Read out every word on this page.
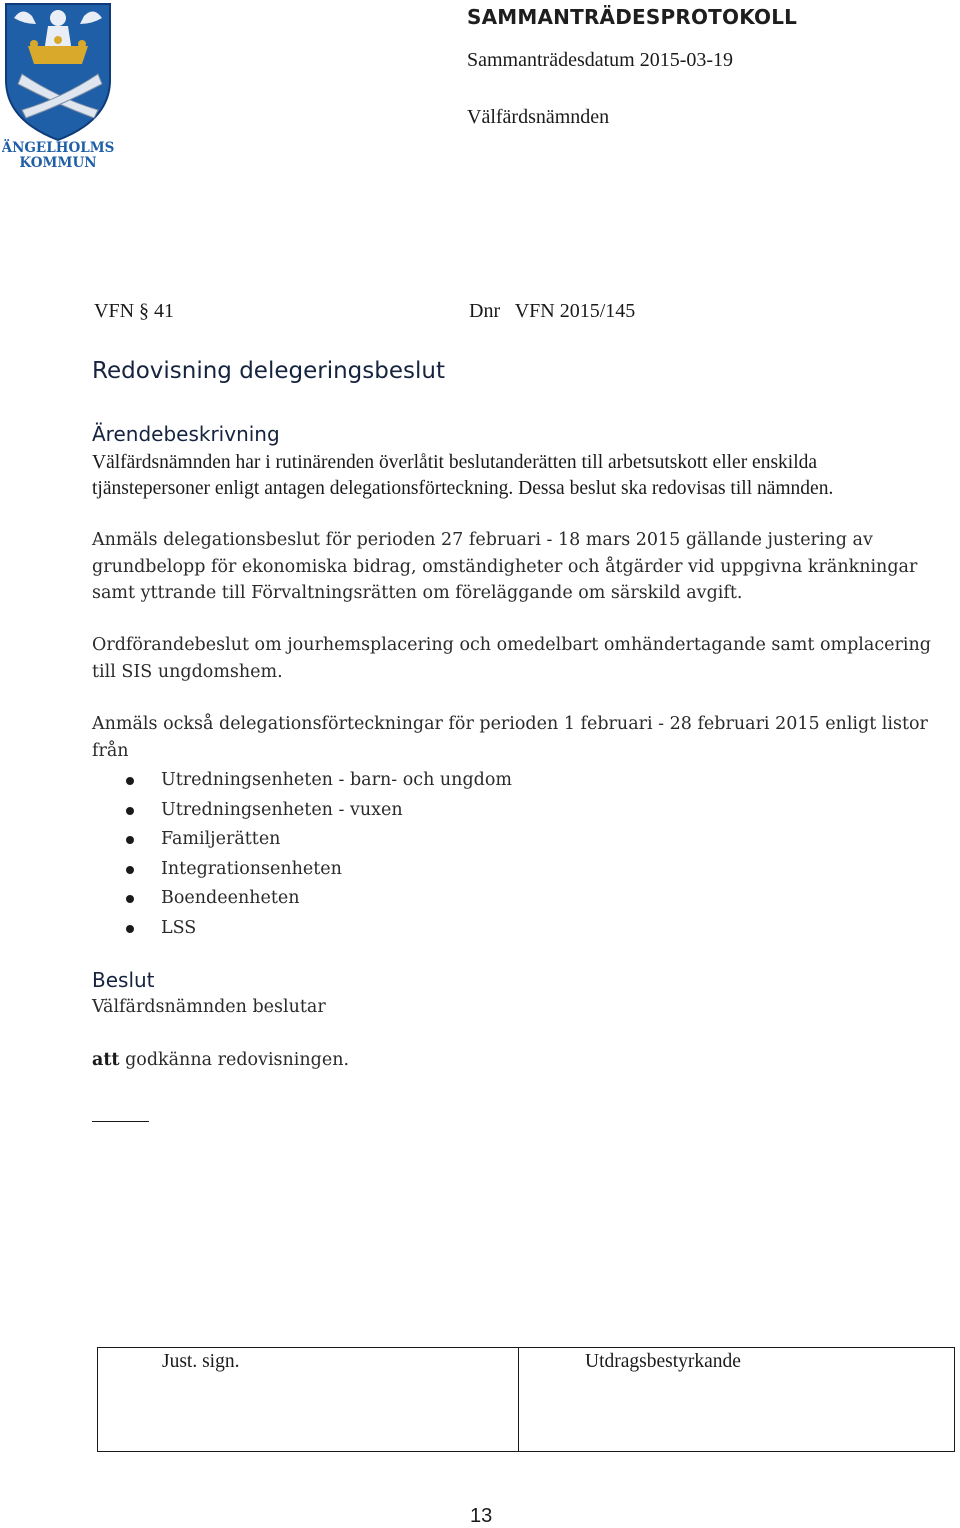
ÄNGELHOLMS
KOMMUN
SAMMANTRÄDESPROTOKOLL
Sammanträdesdatum 2015-03-19
Välfärdsnämnden
VFN § 41	Dnr   VFN 2015/145
Redovisning delegeringsbeslut
Ärendebeskrivning
Välfärdsnämnden har i rutinärenden överlåtit beslutanderätten till arbetsutskott eller enskilda
tjänstepersoner enligt antagen delegationsförteckning. Dessa beslut ska redovisas till nämnden.
Anmäls delegationsbeslut för perioden 27 februari - 18 mars 2015 gällande justering av
grundbelopp för ekonomiska bidrag, omständigheter och åtgärder vid uppgivna kränkningar
samt yttrande till Förvaltningsrätten om föreläggande om särskild avgift.
Ordförandebeslut om jourhemsplacering och omedelbart omhändertagande samt omplacering
till SIS ungdomshem.
Anmäls också delegationsförteckningar för perioden 1 februari - 28 februari 2015 enligt listor
från
Utredningsenheten - barn- och ungdom
Utredningsenheten - vuxen
Familjerätten
Integrationsenheten
Boendeenheten
LSS
Beslut
Välfärdsnämnden beslutar
att godkänna redovisningen.
Just. sign.	Utdragsbestyrkande
13
